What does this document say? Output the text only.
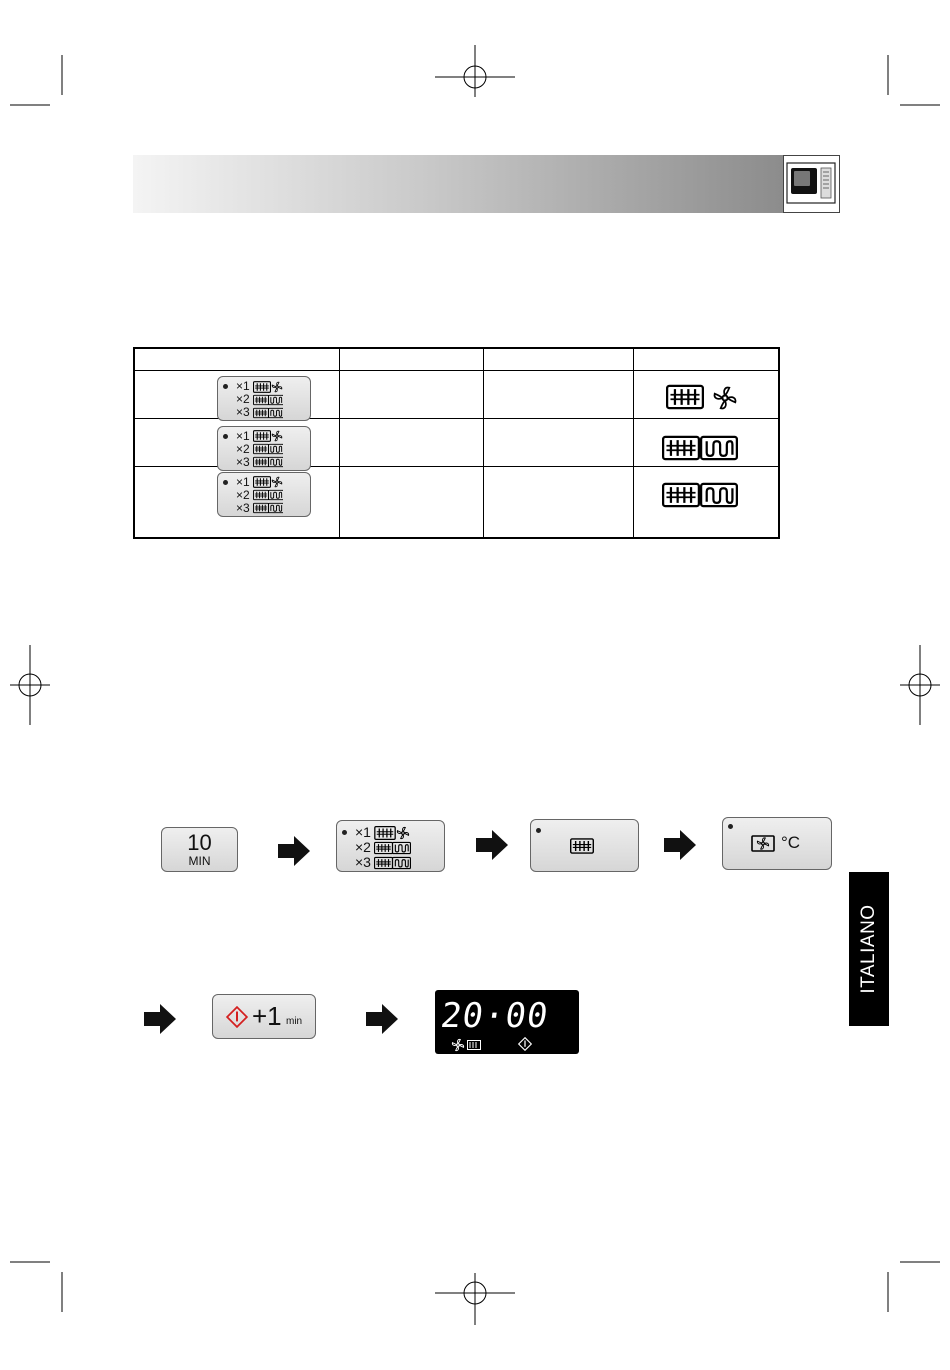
×1
×2
×3

×1
×2
×3

×1
×2
×3

10
MIN
×1
×2
×3
°C
ITALIANO
+1 min	20·00
